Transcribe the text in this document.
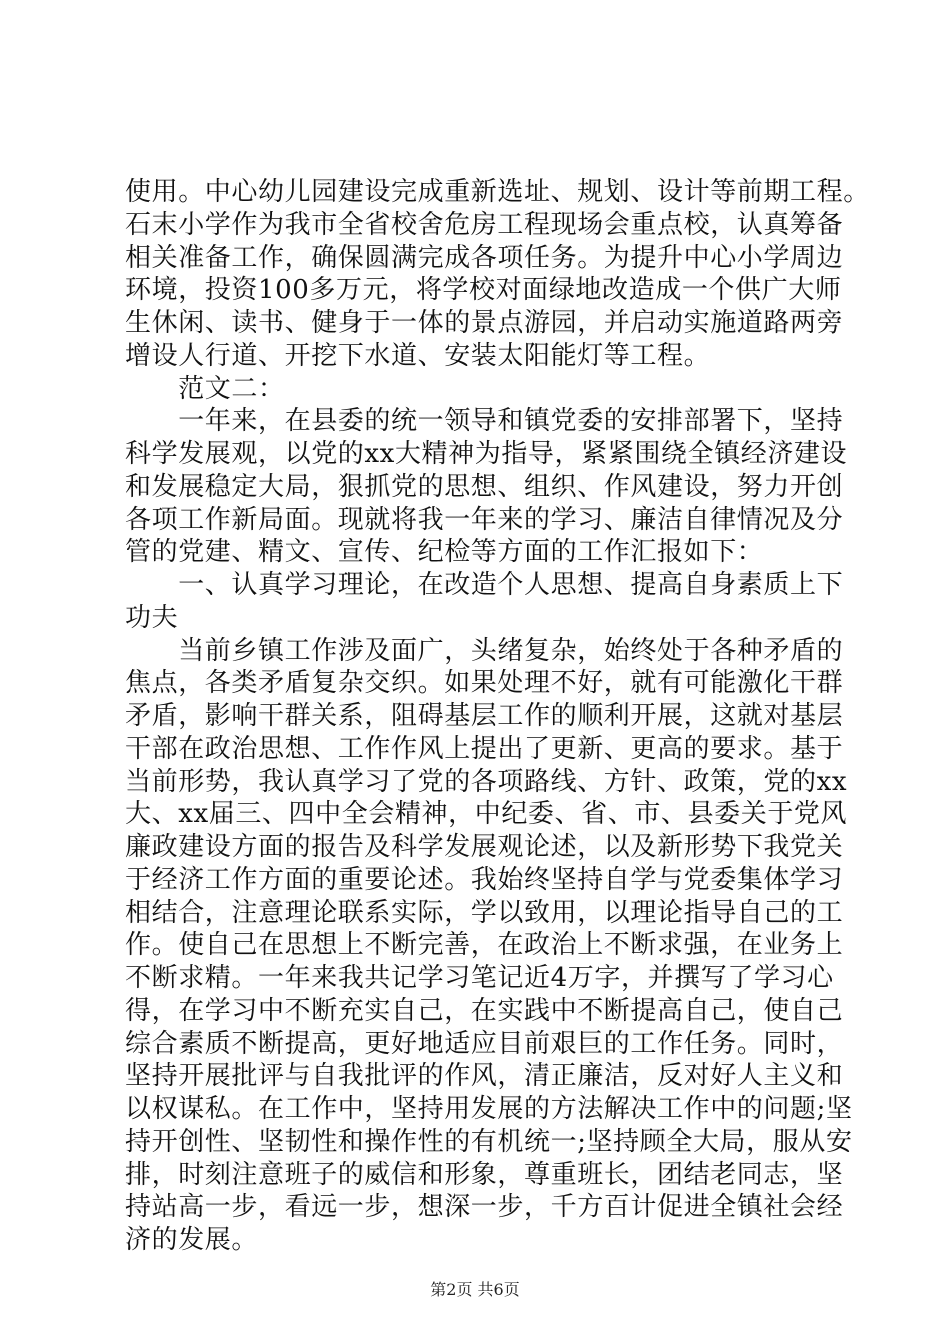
使用。中心幼儿园建设完成重新选址、规划、设计等前期工程。
石末小学作为我市全省校舍危房工程现场会重点校，认真筹备
相关准备工作，确保圆满完成各项任务。为提升中心小学周边
环境，投资100多万元，将学校对面绿地改造成一个供广大师
生休闲、读书、健身于一体的景点游园，并启动实施道路两旁
增设人行道、开挖下水道、安装太阳能灯等工程。
　　范文二：
　　一年来，在县委的统一领导和镇党委的安排部署下，坚持
科学发展观，以党的xx大精神为指导，紧紧围绕全镇经济建设
和发展稳定大局，狠抓党的思想、组织、作风建设，努力开创
各项工作新局面。现就将我一年来的学习、廉洁自律情况及分
管的党建、精文、宣传、纪检等方面的工作汇报如下：
　　一、认真学习理论，在改造个人思想、提高自身素质上下
功夫
　　当前乡镇工作涉及面广，头绪复杂，始终处于各种矛盾的
焦点，各类矛盾复杂交织。如果处理不好，就有可能激化干群
矛盾，影响干群关系，阻碍基层工作的顺利开展，这就对基层
干部在政治思想、工作作风上提出了更新、更高的要求。基于
当前形势，我认真学习了党的各项路线、方针、政策，党的xx
大、xx届三、四中全会精神，中纪委、省、市、县委关于党风
廉政建设方面的报告及科学发展观论述，以及新形势下我党关
于经济工作方面的重要论述。我始终坚持自学与党委集体学习
相结合，注意理论联系实际，学以致用，以理论指导自己的工
作。使自己在思想上不断完善，在政治上不断求强，在业务上
不断求精。一年来我共记学习笔记近4万字，并撰写了学习心
得，在学习中不断充实自己，在实践中不断提高自己，使自己
综合素质不断提高，更好地适应目前艰巨的工作任务。同时，
坚持开展批评与自我批评的作风，清正廉洁，反对好人主义和
以权谋私。在工作中，坚持用发展的方法解决工作中的问题;坚
持开创性、坚韧性和操作性的有机统一;坚持顾全大局，服从安
排，时刻注意班子的威信和形象，尊重班长，团结老同志，坚
持站高一步，看远一步，想深一步，千方百计促进全镇社会经
济的发展。
第2页 共6页
